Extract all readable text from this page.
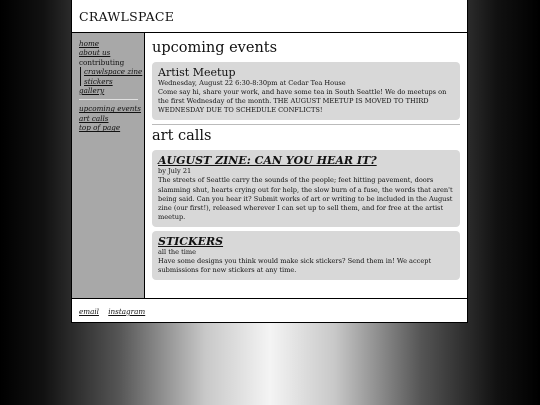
CRAWLSPACE
home
about us
contributing
crawlspace zine
stickers
gallery
upcoming events
art calls
top of page
upcoming events
Artist Meetup
Wednesday, August 22 6:30-8:30pm at Cedar Tea House

Come say hi, share your work, and have some tea in South Seattle! We do meetups on the first Wednesday of the month. THE AUGUST MEETUP IS MOVED TO THIRD WEDNESDAY DUE TO SCHEDULE CONFLICTS!

art calls
AUGUST ZINE: CAN YOU HEAR IT?
by July 21

The streets of Seattle carry the sounds of the people; feet hitting pavement, doors slamming shut, hearts crying out for help, the slow burn of a fuse, the words that aren't being said. Can you hear it? Submit works of art or writing to be included in the August zine (our first!), released wherever I can set up to sell them, and for free at the artist meetup.

STICKERS
all the time

Have some designs you think would make sick stickers? Send them in! We accept submissions for new stickers at any time.

email instagram
